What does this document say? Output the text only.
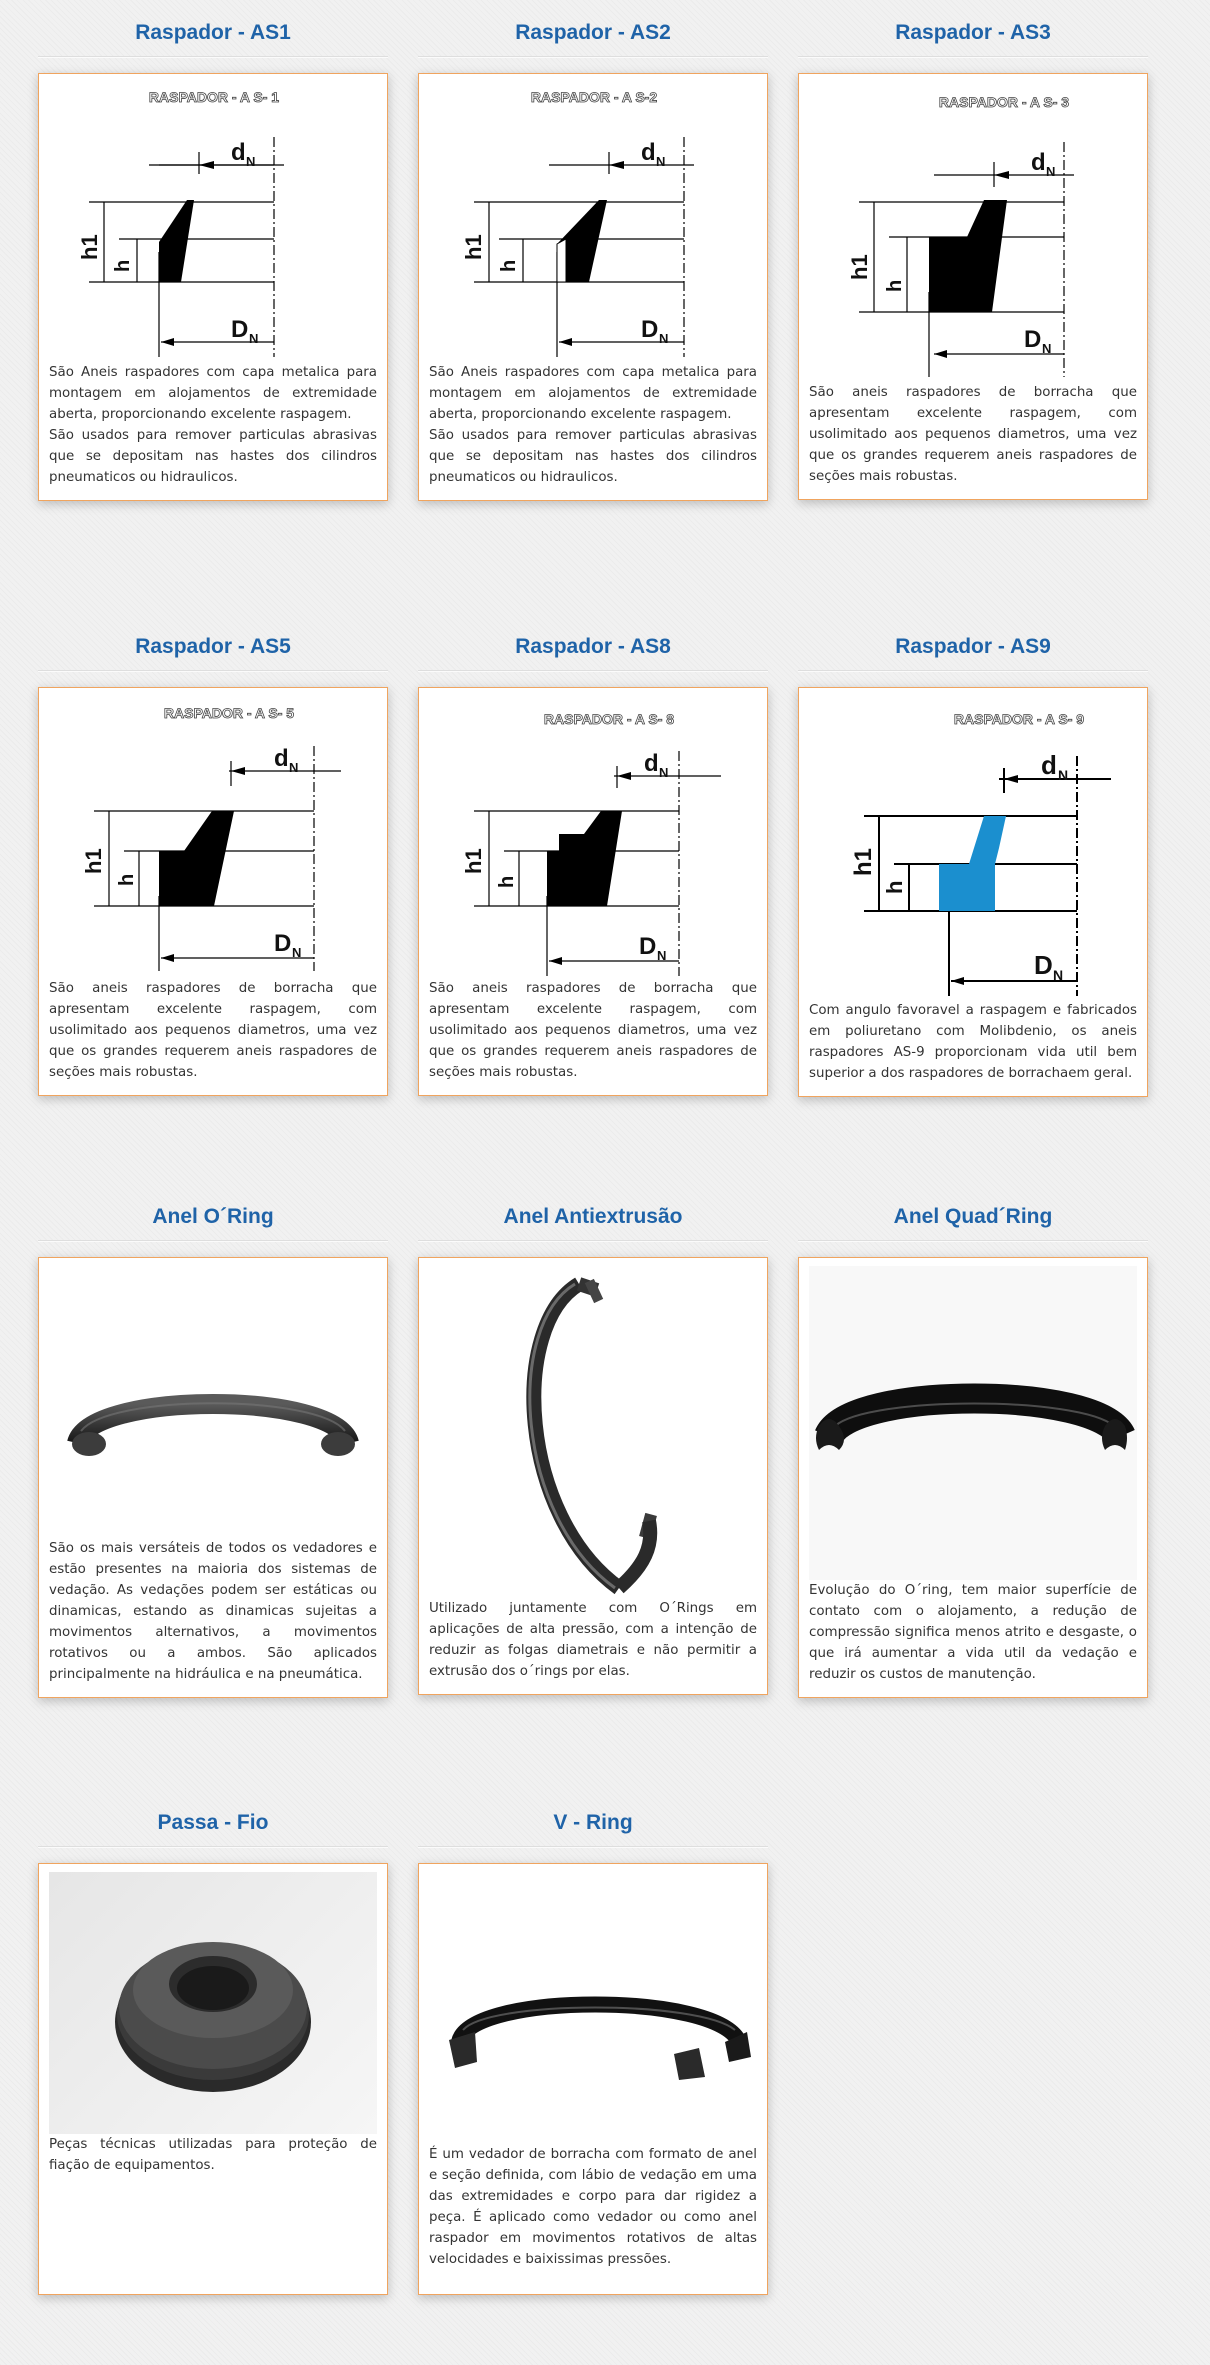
Raspador - AS1
RASPADOR - A S- 1
d N
h1
h
D N

São Aneis raspadores com capa metalica para montagem em alojamentos de extremidade aberta, proporcionando excelente raspagem.

São usados para remover particulas abrasivas que se depositam nas hastes dos cilindros pneumaticos ou hidraulicos.

Raspador - AS2
RASPADOR - A S-2
d N
h1
h
D N

São Aneis raspadores com capa metalica para montagem em alojamentos de extremidade aberta, proporcionando excelente raspagem.

São usados para remover particulas abrasivas que se depositam nas hastes dos cilindros pneumaticos ou hidraulicos.

Raspador - AS3
RASPADOR - A S- 3
d N
h1
h
D N

São aneis raspadores de borracha que apresentam excelente raspagem, com usolimitado aos pequenos diametros, uma vez que os grandes requerem aneis raspadores de seções mais robustas.

Raspador - AS5
RASPADOR - A S- 5
d N
h1
h
D N

São aneis raspadores de borracha que apresentam excelente raspagem, com usolimitado aos pequenos diametros, uma vez que os grandes requerem aneis raspadores de seções mais robustas.

Raspador - AS8
RASPADOR - A S- 8
d N
h1
h
D N

São aneis raspadores de borracha que apresentam excelente raspagem, com usolimitado aos pequenos diametros, uma vez que os grandes requerem aneis raspadores de seções mais robustas.

Raspador - AS9
RASPADOR - A S- 9
d N
h1
h
D N

Com angulo favoravel a raspagem e fabricados em poliuretano com Molibdenio, os aneis raspadores AS-9 proporcionam vida util bem superior a dos raspadores de borrachaem geral.

Anel O´Ring

São os mais versáteis de todos os vedadores e estão presentes na maioria dos sistemas de vedação. As vedações podem ser estáticas ou dinamicas, estando as dinamicas sujeitas a movimentos alternativos, a movimentos rotativos ou a ambos. São aplicados principalmente na hidráulica e na pneumática.

Anel Antiextrusão

Utilizado juntamente com O´Rings em aplicações de alta pressão, com a intenção de reduzir as folgas diametrais e não permitir a extrusão dos o´rings por elas.

Anel Quad´Ring

Evolução do O´ring, tem maior superfície de contato com o alojamento, a redução de compressão significa menos atrito e desgaste, o que irá aumentar a vida util da vedação e reduzir os custos de manutenção.

Passa - Fio

Peças técnicas utilizadas para proteção de fiação de equipamentos.

V - Ring

É um vedador de borracha com formato de anel e seção definida, com lábio de vedação em uma das extremidades e corpo para dar rigidez a peça. É aplicado como vedador ou como anel raspador em movimentos rotativos de altas velocidades e baixissimas pressões.
